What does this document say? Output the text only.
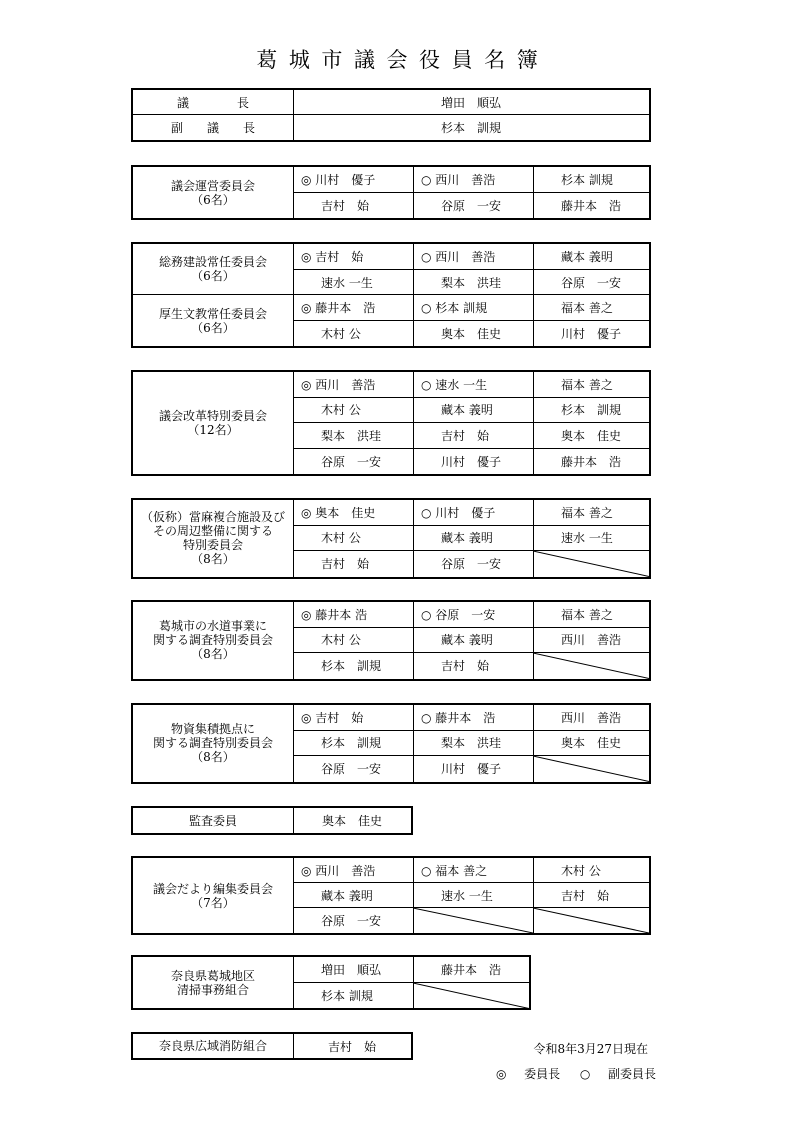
葛城市議会役員名簿
議　　　　長	増田　順弘
副　　議　　長	杉本　訓規
議会運営委員会
（6名）
◎ 川村　優子	○ 西川　善浩	杉本 訓規
吉村　始	谷原　一安	藤井本　浩
総務建設常任委員会
（6名）
◎ 吉村　始	○ 西川　善浩	藏本 義明
速水 一生	梨本　洪珪	谷原　一安
厚生文教常任委員会
（6名）
◎ 藤井本　浩	○ 杉本 訓規	福本 善之
木村 公	奥本　佳史	川村　優子
議会改革特別委員会
（12名）
◎ 西川　善浩	○ 速水 一生	福本 善之
木村 公	藏本 義明	杉本　訓規
梨本　洪珪	吉村　始	奥本　佳史
谷原　一安	川村　優子	藤井本　浩
（仮称）當麻複合施設及び
その周辺整備に関する
特別委員会
（8名）
◎ 奥本　佳史	○ 川村　優子	福本 善之
木村 公	藏本 義明	速水 一生
吉村　始	谷原　一安
葛城市の水道事業に
関する調査特別委員会
（8名）
◎ 藤井本 浩	○ 谷原　一安	福本 善之
木村 公	藏本 義明	西川　善浩
杉本　訓規	吉村　始
物資集積拠点に
関する調査特別委員会
（8名）
◎ 吉村　始	○ 藤井本　浩	西川　善浩
杉本　訓規	梨本　洪珪	奥本　佳史
谷原　一安	川村　優子
監査委員	奥本　佳史
議会だより編集委員会
（7名）
◎ 西川　善浩	○ 福本 善之	木村 公
藏本 義明	速水 一生	吉村　始
谷原　一安
奈良県葛城地区
清掃事務組合
増田　順弘	藤井本　浩
杉本 訓規
奈良県広域消防組合	吉村　始	令和8年3月27日現在
◎ 委員長 ○ 副委員長
